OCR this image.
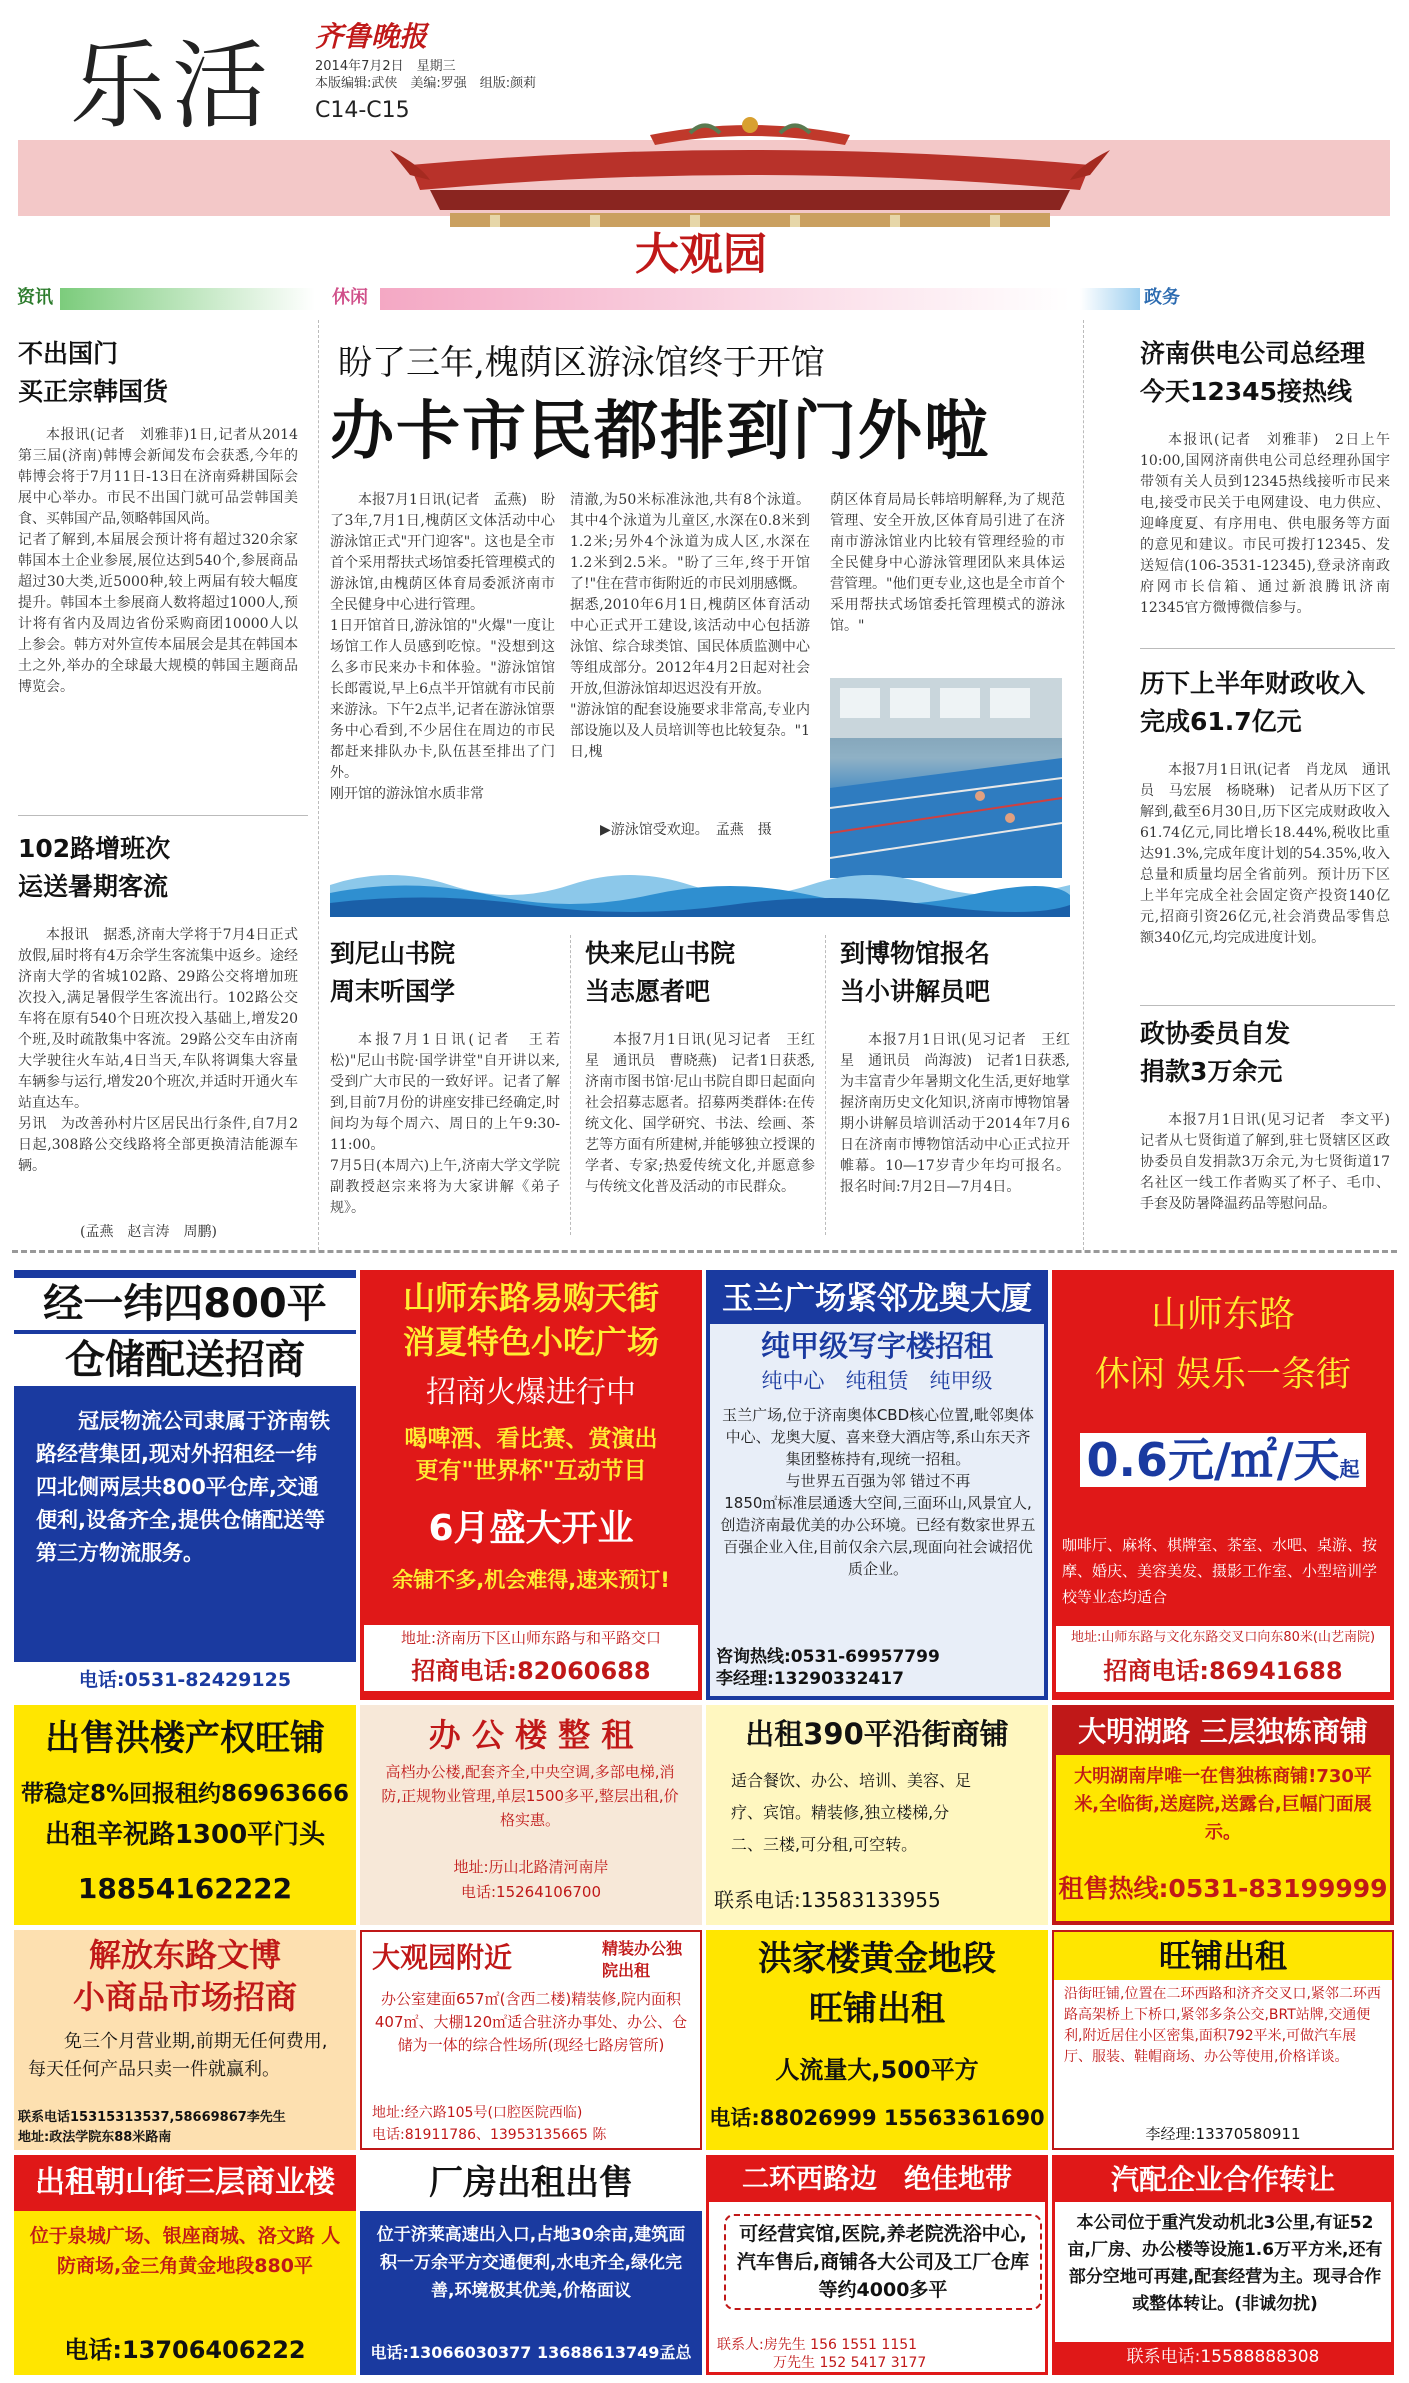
乐活 齐鲁晚报
2014年7月2日　星期三
本版编辑:武侠　美编:罗强　组版:颜莉
C14-C15
大观园
资讯	休闲	政务
不出国门
买正宗韩国货
本报讯(记者　刘雅菲)1日,记者从2014第三届(济南)韩博会新闻发布会获悉,今年的韩博会将于7月11日-13日在济南舜耕国际会展中心举办。市民不出国门就可品尝韩国美食、买韩国产品,领略韩国风尚。
记者了解到,本届展会预计将有超过320余家韩国本土企业参展,展位达到540个,参展商品超过30大类,近5000种,较上两届有较大幅度提升。韩国本土参展商人数将超过1000人,预计将有省内及周边省份采购商团10000人以上参会。韩方对外宣传本届展会是其在韩国本土之外,举办的全球最大规模的韩国主题商品博览会。
102路增班次
运送暑期客流
本报讯　据悉,济南大学将于7月4日正式放假,届时将有4万余学生客流集中返乡。途经济南大学的省城102路、29路公交将增加班次投入,满足暑假学生客流出行。102路公交车将在原有540个日班次投入基础上,增发20个班,及时疏散集中客流。29路公交车由济南大学驶往火车站,4日当天,车队将调集大容量车辆参与运行,增发20个班次,并适时开通火车站直达车。
另讯　为改善孙村片区居民出行条件,自7月2日起,308路公交线路将全部更换清洁能源车辆。
(孟燕　赵言涛　周鹏)
盼了三年,槐荫区游泳馆终于开馆
办卡市民都排到门外啦
本报7月1日讯(记者　孟燕)　盼了3年,7月1日,槐荫区文体活动中心游泳馆正式"开门迎客"。这也是全市首个采用帮扶式场馆委托管理模式的游泳馆,由槐荫区体育局委派济南市全民健身中心进行管理。
1日开馆首日,游泳馆的"火爆"一度让场馆工作人员感到吃惊。"没想到这么多市民来办卡和体验。"游泳馆馆长郎霞说,早上6点半开馆就有市民前来游泳。下午2点半,记者在游泳馆票务中心看到,不少居住在周边的市民都赶来排队办卡,队伍甚至排出了门外。
刚开馆的游泳馆水质非常
清澈,为50米标准泳池,共有8个泳道。其中4个泳道为儿童区,水深在0.8米到1.2米;另外4个泳道为成人区,水深在1.2米到2.5米。"盼了三年,终于开馆了!"住在营市街附近的市民刘朋感慨。
据悉,2010年6月1日,槐荫区体育活动中心正式开工建设,该活动中心包括游泳馆、综合球类馆、国民体质监测中心等组成部分。2012年4月2日起对社会开放,但游泳馆却迟迟没有开放。
"游泳馆的配套设施要求非常高,专业内部设施以及人员培训等也比较复杂。"1日,槐
荫区体育局局长韩培明解释,为了规范管理、安全开放,区体育局引进了在济南市游泳馆业内比较有管理经验的市全民健身中心游泳管理团队来具体运营管理。"他们更专业,这也是全市首个采用帮扶式场馆委托管理模式的游泳馆。"
▶游泳馆受欢迎。　 孟燕　摄
到尼山书院
周末听国学
本报7月1日讯(记者　王若松)"尼山书院·国学讲堂"自开讲以来,受到广大市民的一致好评。记者了解到,目前7月份的讲座安排已经确定,时间均为每个周六、周日的上午9:30-11:00。
7月5日(本周六)上午,济南大学文学院副教授赵宗来将为大家讲解《弟子规》。
快来尼山书院
当志愿者吧
本报7月1日讯(见习记者　王红星　通讯员　曹晓燕)　记者1日获悉,济南市图书馆·尼山书院自即日起面向社会招募志愿者。招募两类群体:在传统文化、国学研究、书法、绘画、茶艺等方面有所建树,并能够独立授课的学者、专家;热爱传统文化,并愿意参与传统文化普及活动的市民群众。
到博物馆报名
当小讲解员吧
本报7月1日讯(见习记者　王红星　通讯员　尚海波)　记者1日获悉,为丰富青少年暑期文化生活,更好地掌握济南历史文化知识,济南市博物馆暑期小讲解员培训活动于2014年7月6日在济南市博物馆活动中心正式拉开帷幕。10—17岁青少年均可报名。报名时间:7月2日—7月4日。
济南供电公司总经理
今天12345接热线
本报讯(记者　刘雅菲)　2日上午10:00,国网济南供电公司总经理孙国宇带领有关人员到12345热线接听市民来电,接受市民关于电网建设、电力供应、迎峰度夏、有序用电、供电服务等方面的意见和建议。市民可拨打12345、发送短信(106-3531-12345),登录济南政府网市长信箱、通过新浪腾讯济南12345官方微博微信参与。
历下上半年财政收入
完成61.7亿元
本报7月1日讯(记者　肖龙凤　通讯员　马宏展　杨晓琳)　记者从历下区了解到,截至6月30日,历下区完成财政收入61.74亿元,同比增长18.44%,税收比重达91.3%,完成年度计划的54.35%,收入总量和质量均居全省前列。预计历下区上半年完成全社会固定资产投资140亿元,招商引资26亿元,社会消费品零售总额340亿元,均完成进度计划。
政协委员自发
捐款3万余元
本报7月1日讯(见习记者　李文平)　记者从七贤街道了解到,驻七贤辖区区政协委员自发捐款3万余元,为七贤街道17名社区一线工作者购买了杯子、毛巾、手套及防暑降温药品等慰问品。
经一纬四800平
仓储配送招商
冠辰物流公司隶属于济南铁路经营集团,现对外招租经一纬四北侧两层共800平仓库,交通便利,设备齐全,提供仓储配送等第三方物流服务。
电话:0531-82429125
山师东路易购天街
消夏特色小吃广场
招商火爆进行中
喝啤酒、看比赛、赏演出
更有"世界杯"互动节目
6月盛大开业
余铺不多,机会难得,速来预订!
地址:济南历下区山师东路与和平路交口
招商电话:82060688
玉兰广场紧邻龙奥大厦
纯甲级写字楼招租
纯中心　纯租赁　纯甲级
玉兰广场,位于济南奥体CBD核心位置,毗邻奥体中心、龙奥大厦、喜来登大酒店等,系山东天齐集团整栋持有,现统一招租。
与世界五百强为邻 错过不再
1850㎡标准层通透大空间,三面环山,风景宜人,创造济南最优美的办公环境。已经有数家世界五百强企业入住,目前仅余六层,现面向社会诚招优质企业。
咨询热线:0531-69957799
李经理:13290332417
山师东路
休闲 娱乐一条街
0.6元/㎡/天起
咖啡厅、麻将、棋牌室、茶室、水吧、桌游、按摩、婚庆、美容美发、摄影工作室、小型培训学校等业态均适合
地址:山师东路与文化东路交叉口向东80米(山艺南院)
招商电话:86941688
出售洪楼产权旺铺
带稳定8%回报租约86963666
出租辛祝路1300平门头
18854162222
办 公 楼 整 租
高档办公楼,配套齐全,中央空调,多部电梯,消防,正规物业管理,单层1500多平,整层出租,价格实惠。
地址:历山北路清河南岸
电话:15264106700
出租390平沿街商铺
适合餐饮、办公、培训、美容、足疗、宾馆。精装修,独立楼梯,分二、三楼,可分租,可空转。
联系电话:13583133955
大明湖路 三层独栋商铺
大明湖南岸唯一在售独栋商铺!730平米,全临街,送庭院,送露台,巨幅门面展示。
租售热线:0531-83199999
解放东路文博
小商品市场招商
免三个月营业期,前期无任何费用,每天任何产品只卖一件就赢利。
联系电话15315313537,58669867李先生
地址:政法学院东88米路南
大观园附近	精装办公独院出租
办公室建面657㎡(含西二楼)精装修,院内面积407㎡、大棚120㎡适合驻济办事处、办公、仓储为一体的综合性场所(现经七路房管所)
地址:经六路105号(口腔医院西临)
电话:81911786、13953135665 陈
洪家楼黄金地段
旺铺出租
人流量大,500平方
电话:88026999 15563361690
旺铺出租
沿街旺铺,位置在二环西路和济齐交叉口,紧邻二环西路高架桥上下桥口,紧邻多条公交,BRT站牌,交通便利,附近居住小区密集,面积792平米,可做汽车展厅、服装、鞋帽商场、办公等使用,价格详谈。
李经理:13370580911
出租朝山街三层商业楼
位于泉城广场、银座商城、洛文路 人防商场,金三角黄金地段880平
电话:13706406222
厂房出租出售
位于济莱高速出入口,占地30余亩,建筑面积一万余平方交通便利,水电齐全,绿化完善,环境极其优美,价格面议
电话:13066030377 13688613749孟总
二环西路边　绝佳地带
可经营宾馆,医院,养老院洗浴中心,汽车售后,商铺各大公司及工厂仓库等约4000多平
联系人:房先生 156 1551 1151
万先生 152 5417 3177
汽配企业合作转让
本公司位于重汽发动机北3公里,有证52亩,厂房、办公楼等设施1.6万平方米,还有部分空地可再建,配套经营为主。现寻合作或整体转让。(非诚勿扰)
联系电话:15588888308
